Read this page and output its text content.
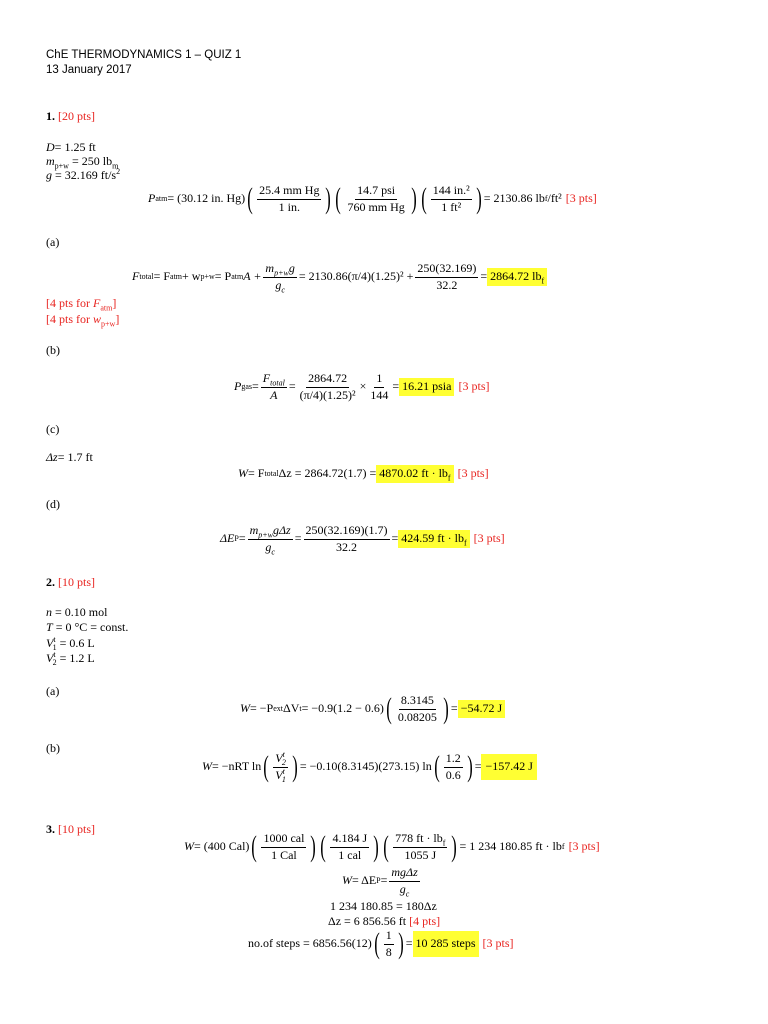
ChE THERMODYNAMICS 1 – QUIZ 1
13 January 2017
1. [20 pts]
D= 1.25 ft
$m_{p+w} = 250$ $lb_m$
g = 32.169 $ft/s^2$
P atm = (30.12 in. Hg) ( $\frac{\text{25.4 mm Hg}}{1 in.}$ ) ( $\frac{\text{14.7 psi}}{\text{760 mm Hg}}$ ) ( $\frac{\text{144 in.²}}{\text{1 ft²}}$ ) = 2130.86 lb f /ft² [3 pts]
(a)
F total = F atm + w p+w = P atm $A + \frac{m_{p+w}g}{g_c} = 2130.86(\pi/4)(1.25)^2 + \frac{250(32.169)}{32.2} = 2864.72$ $lb_f$
[4 pts for $F_{atm}$]
[4 pts for $w_{p+w}$]
(b)
P gas = $\frac{F_{total}}{A} = \frac{2864.72}{\text{(π/4)(1.25)²}} \times \frac{1}{144} = 16.21$ psia [3 pts]
(c)
Δz= 1.7 ft
W = F total Δz = 2864.72(1.7) = 4870.02 ft · $lb_f$ [3 pts]
(d)
ΔE $P = \frac{m_{p+w}g\Delta z}{g_c} = \frac{250(32.169)(1.7)}{32.2} = 424.59$ ft · $lb_f$ [3 pts]
2. [10 pts]
n = 0.10 mol
T = 0 °C = const.
$V^t_1 = 0.6$ L
$V^t_2 = 1.2$ L
(a)
W = −P ext ΔV t = −0.9(1.2 − 0.6) ( $\frac{8.3145}{0.08205}$ ) = −54.72 J
(b)
W = −nRT ln ( $\frac{V^t_2}{V^t_1}$ ) = −0.10(8.3145)(273.15) ln ( $\frac{1.2}{0.6}$ ) = −157.42 J
3. [10 pts]
W = (400 Cal) ( $\frac{\text{1000 cal}}{\text{1 Cal}}$ ) ( $\frac{4.184 J}{\text{1 cal}}$ ) ( $\frac{778 ft \cdot lb_f}{1055 J}$ ) = 1 234 180.85 ft · lb f [3 pts]
W = ΔE $P = \frac{\text{mgΔz}}{g_c}$
1 234 180.85 = 180Δz
Δz = 6 856.56 ft [4 pts]
no.of steps = 6856.56(12) ( $\frac{1}{8}$ ) = 10 285 steps [3 pts]
